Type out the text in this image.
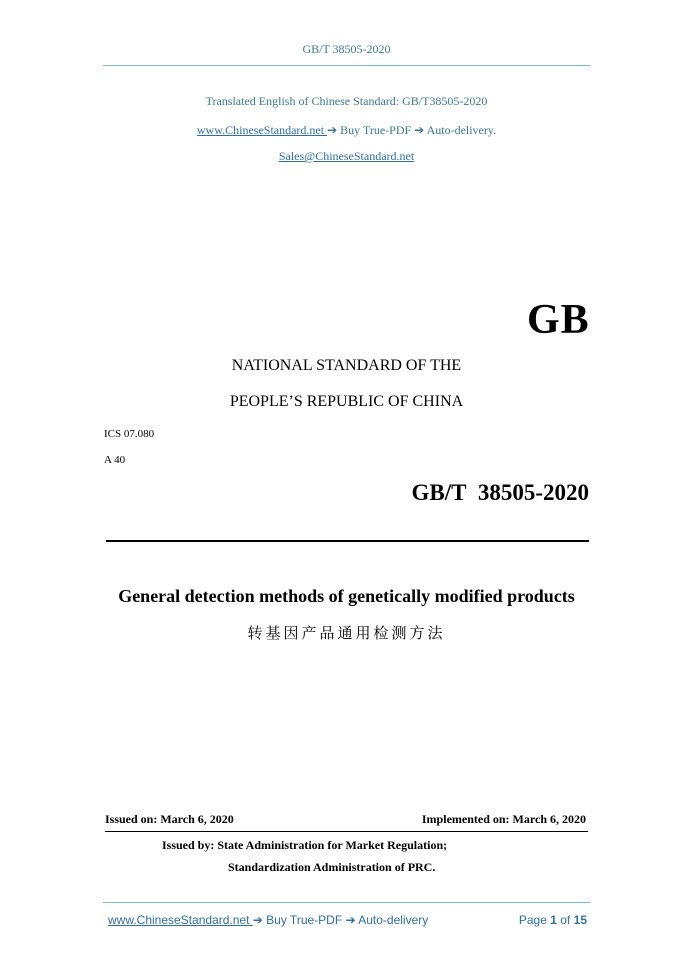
GB/T 38505-2020
Translated English of Chinese Standard: GB/T38505-2020
www.ChineseStandard.net ➔ Buy True-PDF ➔ Auto-delivery.
Sales@ChineseStandard.net
GB
NATIONAL STANDARD OF THE
PEOPLE’S REPUBLIC OF CHINA
ICS 07.080
A 40
GB/T 38505-2020
General detection methods of genetically modified products
转基因产品通用检测方法
Issued on: March 6, 2020	Implemented on: March 6, 2020
Issued by: State Administration for Market Regulation;
Standardization Administration of PRC.
www.ChineseStandard.net ➔ Buy True-PDF ➔ Auto-delivery	Page 1 of 15
